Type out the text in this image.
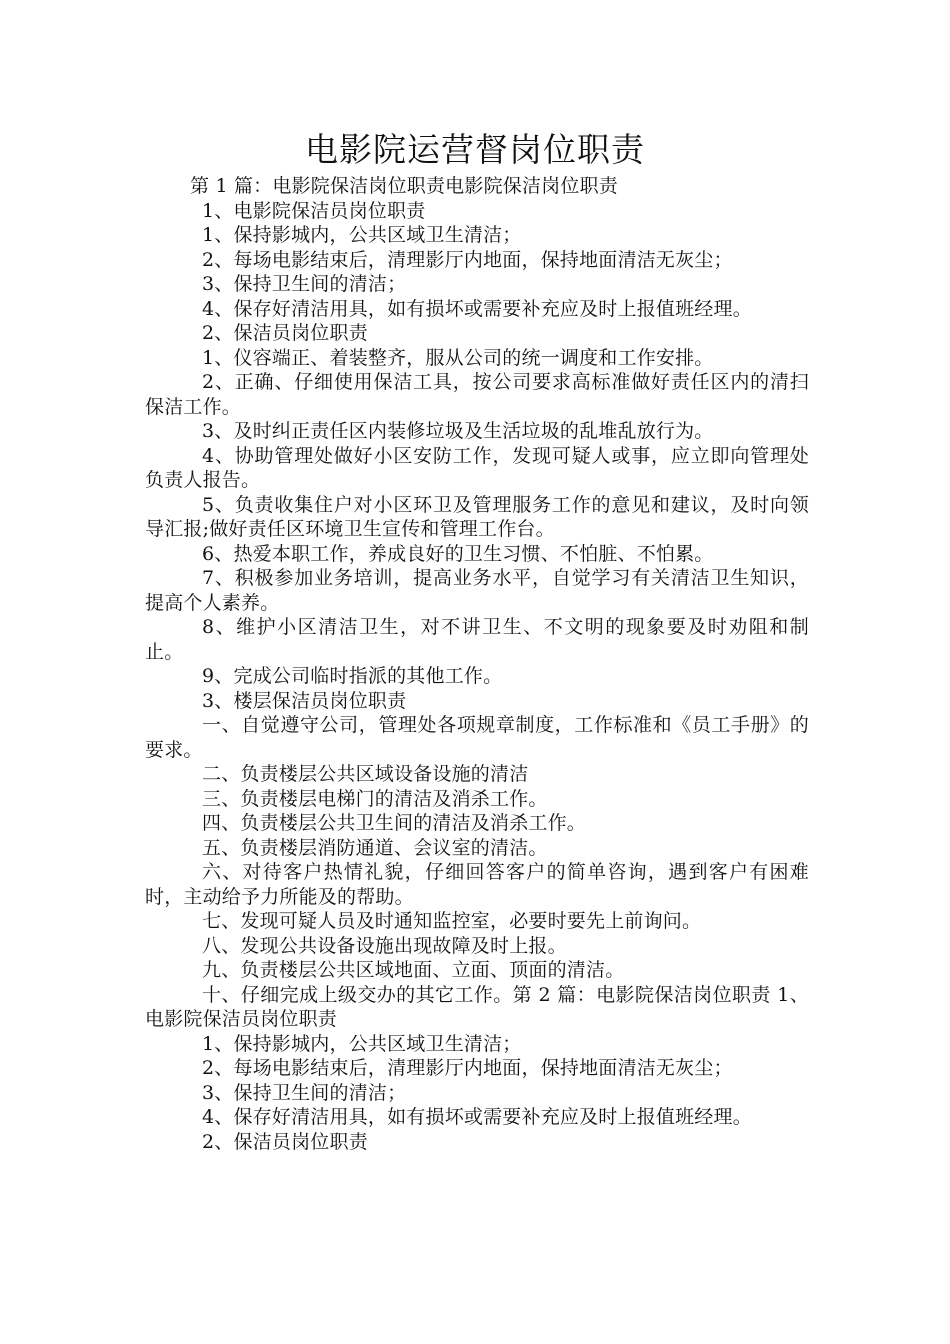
电影院运营督岗位职责

第 1 篇：电影院保洁岗位职责电影院保洁岗位职责

1、电影院保洁员岗位职责

1、保持影城内，公共区域卫生清洁；

2、每场电影结束后，清理影厅内地面，保持地面清洁无灰尘；

3、保持卫生间的清洁；

4、保存好清洁用具，如有损坏或需要补充应及时上报值班经理。

2、保洁员岗位职责

1、仪容端正、着装整齐，服从公司的统一调度和工作安排。

2、正确、仔细使用保洁工具，按公司要求高标准做好责任区内的清扫保洁工作。

3、及时纠正责任区内装修垃圾及生活垃圾的乱堆乱放行为。

4、协助管理处做好小区安防工作，发现可疑人或事，应立即向管理处负责人报告。

5、负责收集住户对小区环卫及管理服务工作的意见和建议，及时向领导汇报;做好责任区环境卫生宣传和管理工作台。

6、热爱本职工作，养成良好的卫生习惯、不怕脏、不怕累。

7、积极参加业务培训，提高业务水平，自觉学习有关清洁卫生知识，提高个人素养。

8、维护小区清洁卫生，对不讲卫生、不文明的现象要及时劝阻和制止。

9、完成公司临时指派的其他工作。

3、楼层保洁员岗位职责

一、自觉遵守公司，管理处各项规章制度，工作标准和《员工手册》的要求。

二、负责楼层公共区域设备设施的清洁

三、负责楼层电梯门的清洁及消杀工作。

四、负责楼层公共卫生间的清洁及消杀工作。

五、负责楼层消防通道、会议室的清洁。

六、对待客户热情礼貌，仔细回答客户的简单咨询，遇到客户有困难时，主动给予力所能及的帮助。

七、发现可疑人员及时通知监控室，必要时要先上前询问。

八、发现公共设备设施出现故障及时上报。

九、负责楼层公共区域地面、立面、顶面的清洁。

十、仔细完成上级交办的其它工作。第 2 篇：电影院保洁岗位职责 1、电影院保洁员岗位职责

1、保持影城内，公共区域卫生清洁；

2、每场电影结束后，清理影厅内地面，保持地面清洁无灰尘；

3、保持卫生间的清洁；

4、保存好清洁用具，如有损坏或需要补充应及时上报值班经理。

2、保洁员岗位职责
